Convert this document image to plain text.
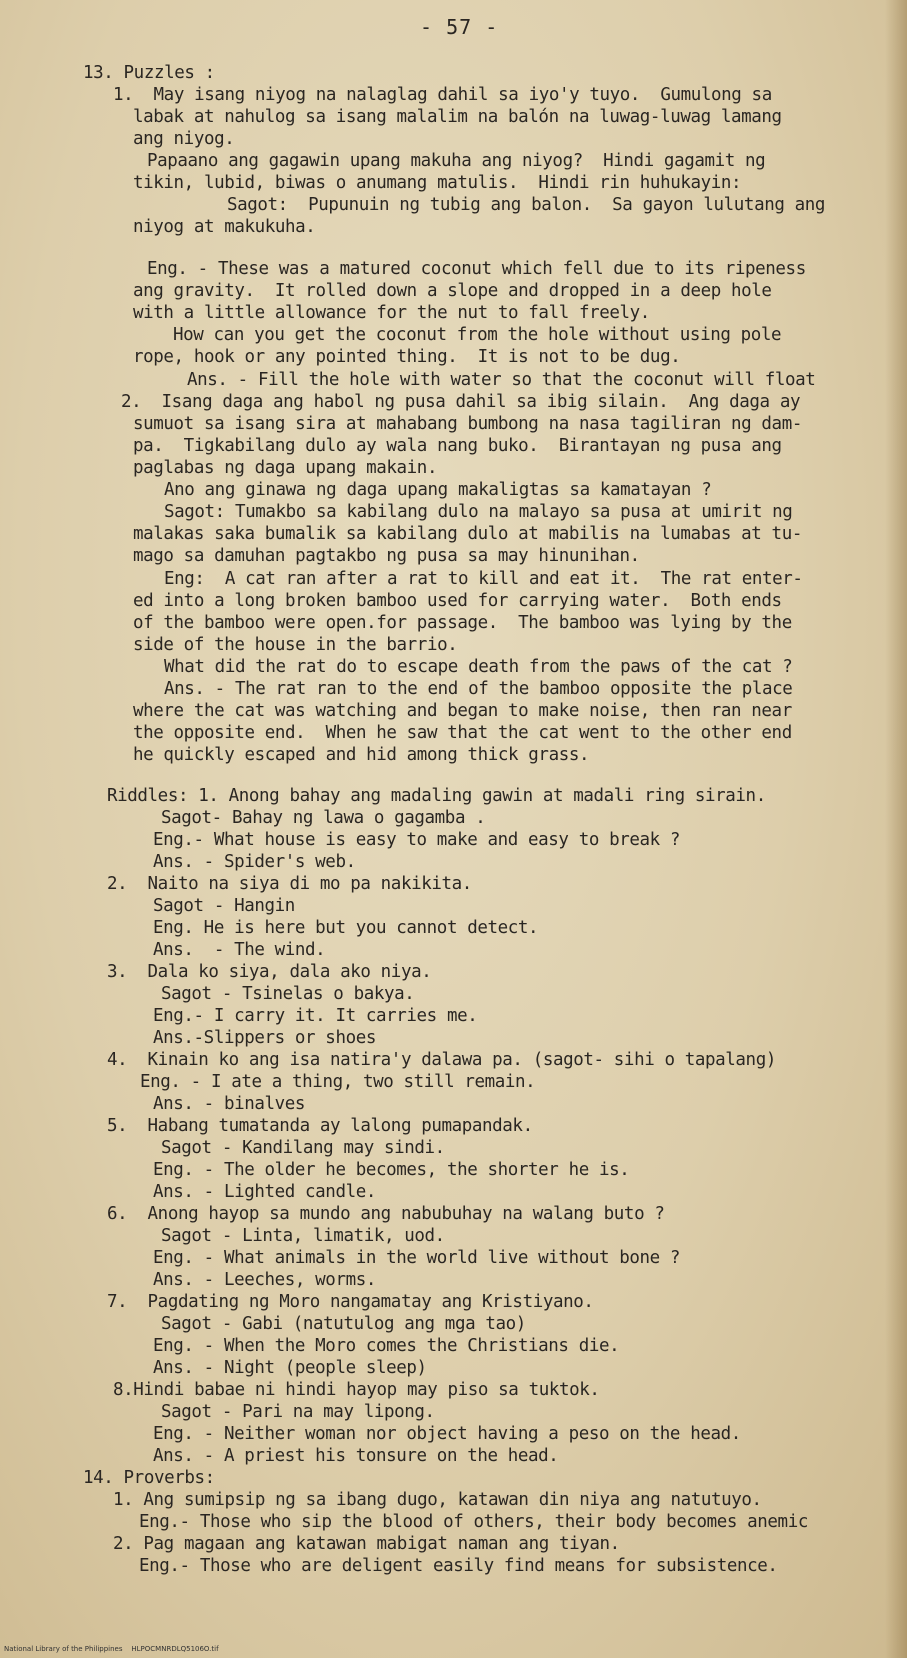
- 57 -
13. Puzzles :
1.  May isang niyog na nalaglag dahil sa iyo'y tuyo.  Gumulong sa
labak at nahulog sa isang malalim na balón na luwag-luwag lamang
ang niyog.
Papaano ang gagawin upang makuha ang niyog?  Hindi gagamit ng
tikin, lubid, biwas o anumang matulis.  Hindi rin huhukayin:
Sagot:  Pupunuin ng tubig ang balon.  Sa gayon lulutang ang
niyog at makukuha.
Eng. - These was a matured coconut which fell due to its ripeness
ang gravity.  It rolled down a slope and dropped in a deep hole
with a little allowance for the nut to fall freely.
How can you get the coconut from the hole without using pole
rope, hook or any pointed thing.  It is not to be dug.
Ans. - Fill the hole with water so that the coconut will float
2.  Isang daga ang habol ng pusa dahil sa ibig silain.  Ang daga ay
sumuot sa isang sira at mahabang bumbong na nasa tagiliran ng dam-
pa.  Tigkabilang dulo ay wala nang buko.  Birantayan ng pusa ang
paglabas ng daga upang makain.
Ano ang ginawa ng daga upang makaligtas sa kamatayan ?
Sagot: Tumakbo sa kabilang dulo na malayo sa pusa at umirit ng
malakas saka bumalik sa kabilang dulo at mabilis na lumabas at tu-
mago sa damuhan pagtakbo ng pusa sa may hinunihan.
Eng:  A cat ran after a rat to kill and eat it.  The rat enter-
ed into a long broken bamboo used for carrying water.  Both ends
of the bamboo were open.for passage.  The bamboo was lying by the
side of the house in the barrio.
What did the rat do to escape death from the paws of the cat ?
Ans. - The rat ran to the end of the bamboo opposite the place
where the cat was watching and began to make noise, then ran near
the opposite end.  When he saw that the cat went to the other end
he quickly escaped and hid among thick grass.
Riddles: 1. Anong bahay ang madaling gawin at madali ring sirain.
Sagot- Bahay ng lawa o gagamba .
Eng.- What house is easy to make and easy to break ?
Ans. - Spider's web.
2.  Naito na siya di mo pa nakikita.
Sagot - Hangin
Eng. He is here but you cannot detect.
Ans.  - The wind.
3.  Dala ko siya, dala ako niya.
Sagot - Tsinelas o bakya.
Eng.- I carry it. It carries me.
Ans.-Slippers or shoes
4.  Kinain ko ang isa natira'y dalawa pa. (sagot- sihi o tapalang)
Eng. - I ate a thing, two still remain.
Ans. - binalves
5.  Habang tumatanda ay lalong pumapandak.
Sagot - Kandilang may sindi.
Eng. - The older he becomes, the shorter he is.
Ans. - Lighted candle.
6.  Anong hayop sa mundo ang nabubuhay na walang buto ?
Sagot - Linta, limatik, uod.
Eng. - What animals in the world live without bone ?
Ans. - Leeches, worms.
7.  Pagdating ng Moro nangamatay ang Kristiyano.
Sagot - Gabi (natutulog ang mga tao)
Eng. - When the Moro comes the Christians die.
Ans. - Night (people sleep)
8.Hindi babae ni hindi hayop may piso sa tuktok.
Sagot - Pari na may lipong.
Eng. - Neither woman nor object having a peso on the head.
Ans. - A priest his tonsure on the head.
14. Proverbs:
1. Ang sumipsip ng sa ibang dugo, katawan din niya ang natutuyo.
Eng.- Those who sip the blood of others, their body becomes anemic
2. Pag magaan ang katawan mabigat naman ang tiyan.
Eng.- Those who are deligent easily find means for subsistence.
National Library of the Philippines    HLPOCMNRDLQ5106O.tif
